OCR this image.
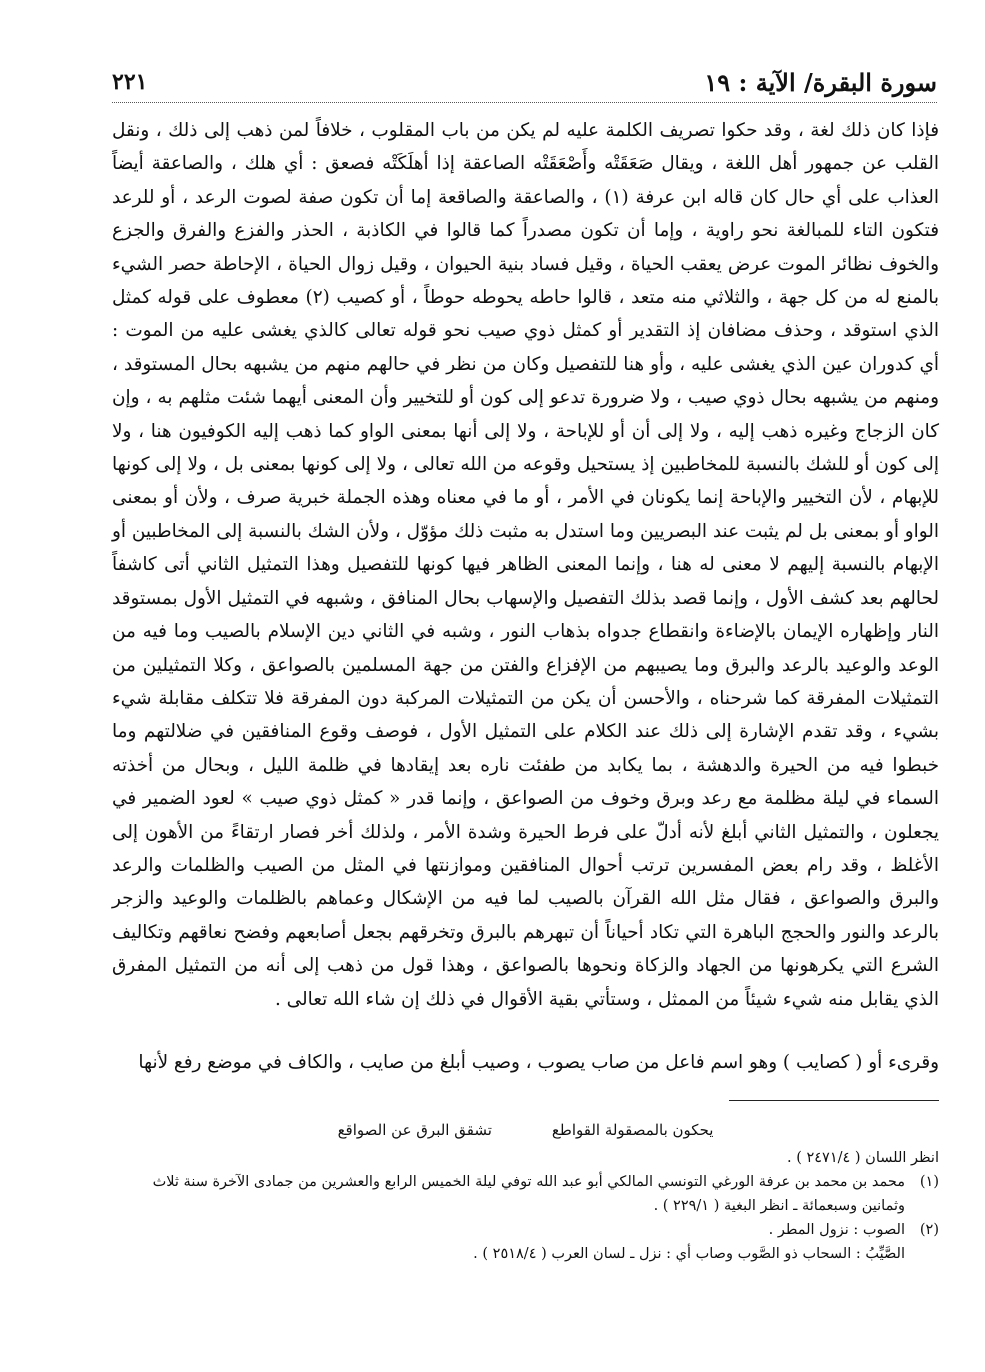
سورة البقرة/ الآية : ١٩
٢٢١

فإذا كان ذلك لغة ، وقد حكوا تصريف الكلمة عليه لم يكن من باب المقلوب ، خلافاً لمن ذهب إلى ذلك ، ونقل القلب عن جمهور أهل اللغة ، ويقال صَعَقَتْه وأَصْعَقَتْه الصاعقة إذا أهلَكَتْه فصعق : أي هلك ، والصاعقة أيضاً العذاب على أي حال كان قاله ابن عرفة (١) ، والصاعقة والصاقعة إما أن تكون صفة لصوت الرعد ، أو للرعد فتكون التاء للمبالغة نحو راوية ، وإما أن تكون مصدراً كما قالوا في الكاذبة ، الحذر والفزع والفرق والجزع والخوف نظائر الموت عرض يعقب الحياة ، وقيل فساد بنية الحيوان ، وقيل زوال الحياة ، الإحاطة حصر الشيء بالمنع له من كل جهة ، والثلاثي منه متعد ، قالوا حاطه يحوطه حوطاً ، أو كصيب (٢) معطوف على قوله كمثل الذي استوقد ، وحذف مضافان إذ التقدير أو كمثل ذوي صيب نحو قوله تعالى كالذي يغشى عليه من الموت : أي كدوران عين الذي يغشى عليه ، وأو هنا للتفصيل وكان من نظر في حالهم منهم من يشبهه بحال المستوقد ، ومنهم من يشبهه بحال ذوي صيب ، ولا ضرورة تدعو إلى كون أو للتخيير وأن المعنى أيهما شئت مثلهم به ، وإن كان الزجاج وغيره ذهب إليه ، ولا إلى أن أو للإباحة ، ولا إلى أنها بمعنى الواو كما ذهب إليه الكوفيون هنا ، ولا إلى كون أو للشك بالنسبة للمخاطبين إذ يستحيل وقوعه من الله تعالى ، ولا إلى كونها بمعنى بل ، ولا إلى كونها للإبهام ، لأن التخيير والإباحة إنما يكونان في الأمر ، أو ما في معناه وهذه الجملة خبرية صرف ، ولأن أو بمعنى الواو أو بمعنى بل لم يثبت عند البصريين وما استدل به مثبت ذلك مؤوّل ، ولأن الشك بالنسبة إلى المخاطبين أو الإبهام بالنسبة إليهم لا معنى له هنا ، وإنما المعنى الظاهر فيها كونها للتفصيل وهذا التمثيل الثاني أتى كاشفاً لحالهم بعد كشف الأول ، وإنما قصد بذلك التفصيل والإسهاب بحال المنافق ، وشبهه في التمثيل الأول بمستوقد النار وإظهاره الإيمان بالإضاءة وانقطاع جدواه بذهاب النور ، وشبه في الثاني دين الإسلام بالصيب وما فيه من الوعد والوعيد بالرعد والبرق وما يصيبهم من الإفزاع والفتن من جهة المسلمين بالصواعق ، وكلا التمثيلين من التمثيلات المفرقة كما شرحناه ، والأحسن أن يكن من التمثيلات المركبة دون المفرقة فلا تتكلف مقابلة شيء بشيء ، وقد تقدم الإشارة إلى ذلك عند الكلام على التمثيل الأول ، فوصف وقوع المنافقين في ضلالتهم وما خبطوا فيه من الحيرة والدهشة ، بما يكابد من طفئت ناره بعد إيقادها في ظلمة الليل ، وبحال من أخذته السماء في ليلة مظلمة مع رعد وبرق وخوف من الصواعق ، وإنما قدر « كمثل ذوي صيب » لعود الضمير في يجعلون ، والتمثيل الثاني أبلغ لأنه أدلّ على فرط الحيرة وشدة الأمر ، ولذلك أخر فصار ارتقاءً من الأهون إلى الأغلظ ، وقد رام بعض المفسرين ترتب أحوال المنافقين وموازنتها في المثل من الصيب والظلمات والرعد والبرق والصواعق ، فقال مثل الله القرآن بالصيب لما فيه من الإشكال وعماهم بالظلمات والوعيد والزجر بالرعد والنور والحجج الباهرة التي تكاد أحياناً أن تبهرهم بالبرق وتخرقهم بجعل أصابعهم وفضح نعاقهم وتكاليف الشرع التي يكرهونها من الجهاد والزكاة ونحوها بالصواعق ، وهذا قول من ذهب إلى أنه من التمثيل المفرق الذي يقابل منه شيء شيئاً من الممثل ، وستأتي بقية الأقوال في ذلك إن شاء الله تعالى .

وقرىء أو ( كصايب ) وهو اسم فاعل من صاب يصوب ، وصيب أبلغ من صايب ، والكاف في موضع رفع لأنها

يحكون بالمصقولة القواطع
تشقق البرق عن الصواقع
انظر اللسان ( ٢٤٧١/٤ ) .
(١)
محمد بن محمد بن عرفة الورغي التونسي المالكي أبو عبد الله توفي ليلة الخميس الرابع والعشرين من جمادى الآخرة سنة ثلاث وثمانين وسبعمائة ـ انظر البغية ( ٢٢٩/١ ) .
(٢)
الصوب : نزول المطر .
الصَّيِّبُ : السحاب ذو الصَّوب وصاب أي : نزل ـ لسان العرب ( ٢٥١٨/٤ ) .
